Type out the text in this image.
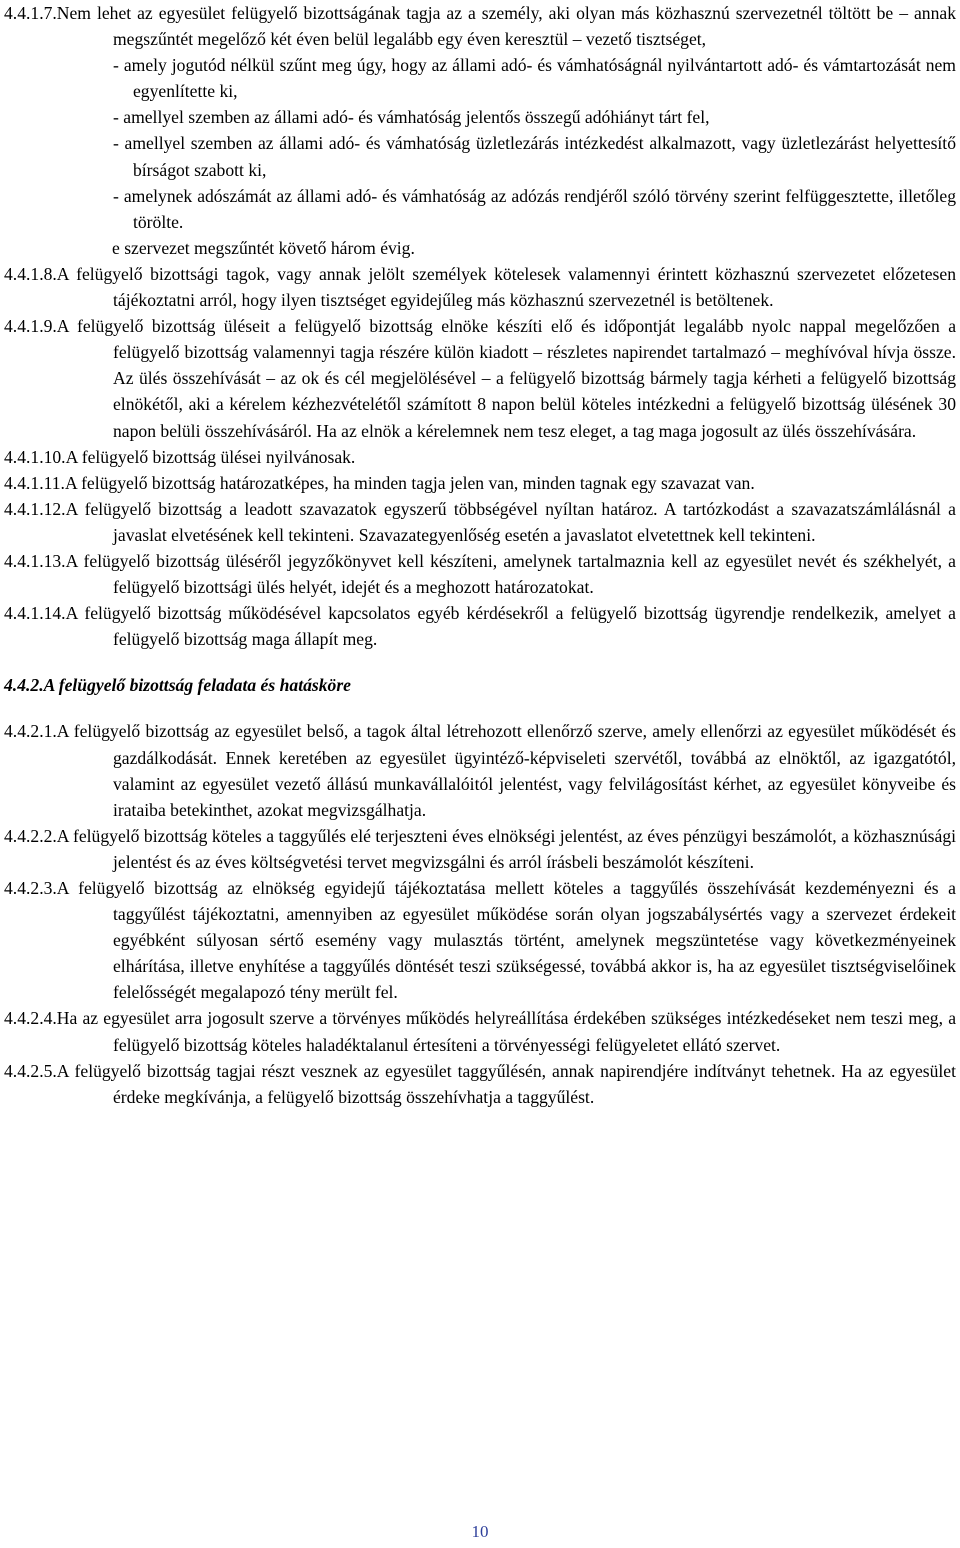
4.4.1.7.Nem lehet az egyesület felügyelő bizottságának tagja az a személy, aki olyan más közhasznú szervezetnél töltött be – annak megszűntét megelőző két éven belül legalább egy éven keresztül – vezető tisztséget,
- amely jogutód nélkül szűnt meg úgy, hogy az állami adó- és vámhatóságnál nyilvántartott adó- és vámtartozását nem egyenlítette ki,
- amellyel szemben az állami adó- és vámhatóság jelentős összegű adóhiányt tárt fel,
- amellyel szemben az állami adó- és vámhatóság üzletlezárás intézkedést alkalmazott, vagy üzletlezárást helyettesítő bírságot szabott ki,
- amelynek adószámát az állami adó- és vámhatóság az adózás rendjéről szóló törvény szerint felfüggesztette, illetőleg törölte.
e szervezet megszűntét követő három évig.
4.4.1.8.A felügyelő bizottsági tagok, vagy annak jelölt személyek kötelesek valamennyi érintett közhasznú szervezetet előzetesen tájékoztatni arról, hogy ilyen tisztséget egyidejűleg más közhasznú szervezetnél is betöltenek.
4.4.1.9.A felügyelő bizottság üléseit a felügyelő bizottság elnöke készíti elő és időpontját legalább nyolc nappal megelőzően a felügyelő bizottság valamennyi tagja részére külön kiadott – részletes napirendet tartalmazó – meghívóval hívja össze. Az ülés összehívását – az ok és cél megjelölésével – a felügyelő bizottság bármely tagja kérheti a felügyelő bizottság elnökétől, aki a kérelem kézhezvételétől számított 8 napon belül köteles intézkedni a felügyelő bizottság ülésének 30 napon belüli összehívásáról. Ha az elnök a kérelemnek nem tesz eleget, a tag maga jogosult az ülés összehívására.
4.4.1.10.A felügyelő bizottság ülései nyilvánosak.
4.4.1.11.A felügyelő bizottság határozatképes, ha minden tagja jelen van, minden tagnak egy szavazat van.
4.4.1.12.A felügyelő bizottság a leadott szavazatok egyszerű többségével nyíltan határoz. A tartózkodást a szavazatszámlálásnál a javaslat elvetésének kell tekinteni. Szavazategyenlőség esetén a javaslatot elvetettnek kell tekinteni.
4.4.1.13.A felügyelő bizottság üléséről jegyzőkönyvet kell készíteni, amelynek tartalmaznia kell az egyesület nevét és székhelyét, a felügyelő bizottsági ülés helyét, idejét és a meghozott határozatokat.
4.4.1.14.A felügyelő bizottság működésével kapcsolatos egyéb kérdésekről a felügyelő bizottság ügyrendje rendelkezik, amelyet a felügyelő bizottság maga állapít meg.
4.4.2.A felügyelő bizottság feladata és hatásköre
4.4.2.1.A felügyelő bizottság az egyesület belső, a tagok által létrehozott ellenőrző szerve, amely ellenőrzi az egyesület működését és gazdálkodását. Ennek keretében az egyesület ügyintéző-képviseleti szervétől, továbbá az elnöktől, az igazgatótól, valamint az egyesület vezető állású munkavállalóitól jelentést, vagy felvilágosítást kérhet, az egyesület könyveibe és irataiba betekinthet, azokat megvizsgálhatja.
4.4.2.2.A felügyelő bizottság köteles a taggyűlés elé terjeszteni éves elnökségi jelentést, az éves pénzügyi beszámolót, a közhasznúsági jelentést és az éves költségvetési tervet megvizsgálni és arról írásbeli beszámolót készíteni.
4.4.2.3.A felügyelő bizottság az elnökség egyidejű tájékoztatása mellett köteles a taggyűlés összehívását kezdeményezni és a taggyűlést tájékoztatni, amennyiben az egyesület működése során olyan jogszabálysértés vagy a szervezet érdekeit egyébként súlyosan sértő esemény vagy mulasztás történt, amelynek megszüntetése vagy következményeinek elhárítása, illetve enyhítése a taggyűlés döntését teszi szükségessé, továbbá akkor is, ha az egyesület tisztségviselőinek felelősségét megalapozó tény merült fel.
4.4.2.4.Ha az egyesület arra jogosult szerve a törvényes működés helyreállítása érdekében szükséges intézkedéseket nem teszi meg, a felügyelő bizottság köteles haladéktalanul értesíteni a törvényességi felügyeletet ellátó szervet.
4.4.2.5.A felügyelő bizottság tagjai részt vesznek az egyesület taggyűlésén, annak napirendjére indítványt tehetnek. Ha az egyesület érdeke megkívánja, a felügyelő bizottság összehívhatja a taggyűlést.
10
